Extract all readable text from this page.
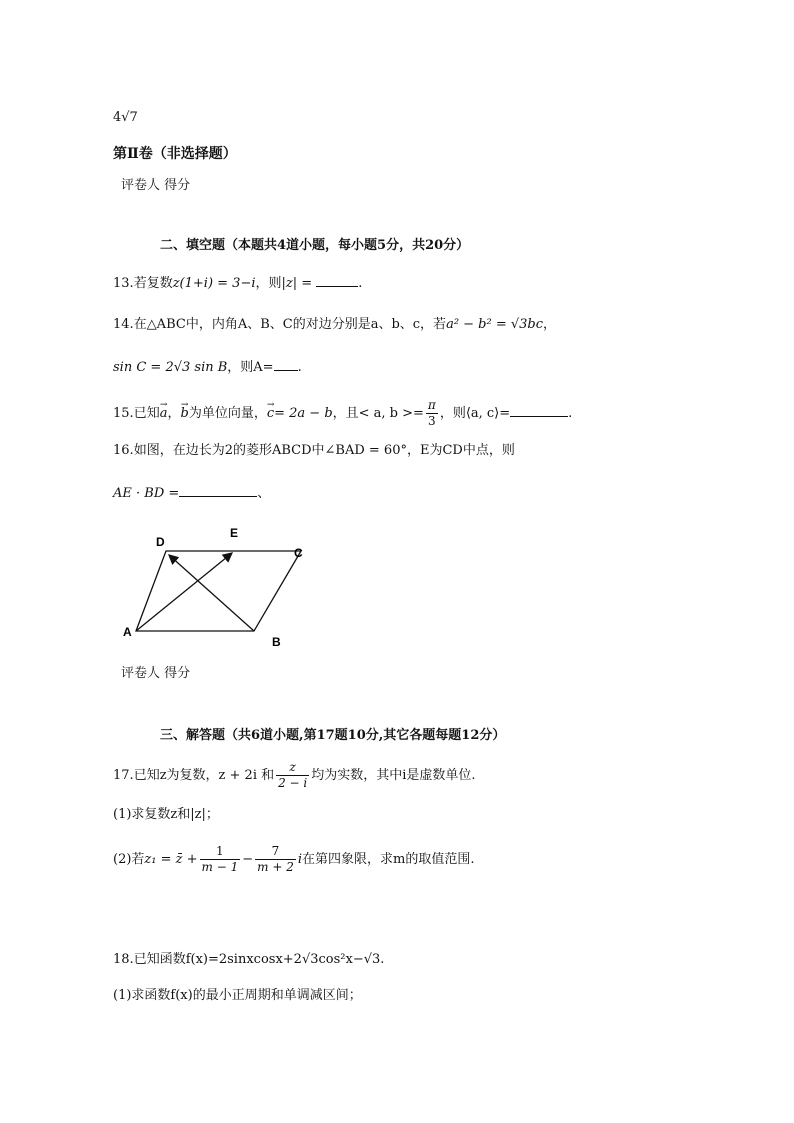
4√7
第Ⅱ卷（非选择题）
评卷人 得分
二、填空题（本题共4道小题，每小题5分，共20分）
13.若复数z(1+i) = 3−i，则|z| =	.
14.在△ABC中，内角A、B、C的对边分别是a、b、c，若a² − b² = √3bc，
sin C = 2√3 sin B，则A= .
15.已知→ a，→ b为单位向量，→ c= 2a − b，且< a, $b >= \frac{\pi}{3}$ ，则⟨a, c⟩=	.
16.如图，在边长为2的菱形ABCD中∠BAD = 60°，E为CD中点，则
AE · BD =	、
A
B
C
D
E
评卷人 得分
三、解答题（共6道小题,第17题10分,其它各题每题12分）
17.已知z为复数，z + 2i 和 $\frac{z}{2 - i}$ 均为实数，其中i是虚数单位.
(1)求复数z和|z|；
(2)若z₁ = z̄ + $\frac{1}{m - 1} - \frac{7}{m + 2}$ i在第四象限，求m的取值范围.
18.已知函数f(x)=2sinxcosx+2√3cos²x−√3.
(1)求函数f(x)的最小正周期和单调减区间；
